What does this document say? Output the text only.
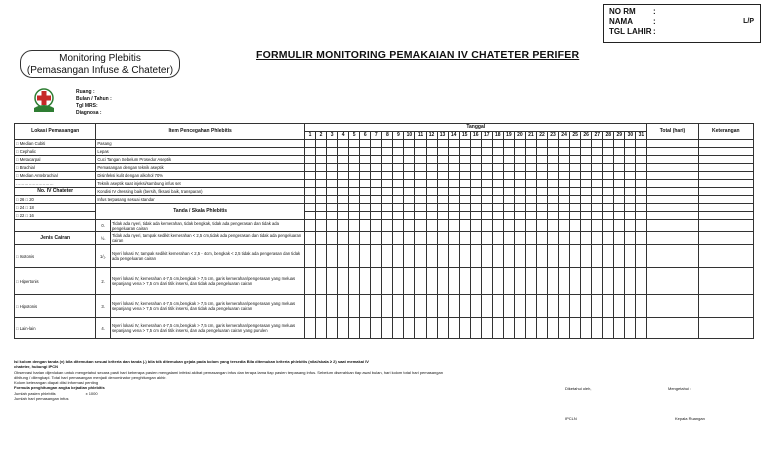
NO RM	:
NAMA	:
TGL LAHIR :
L/P
Monitoring Plebitis
(Pemasangan Infuse & Chateter)
FORMULIR MONITORING PEMAKAIAN IV CHATETER PERIFER
Ruang :
Bulan / Tahun :
Tgl MRS:
Diagnosa :
Lokasi Pemasangan	Item Pencegahan Phlebitis		Tanggal																															Total (hari)	Keterangan
			1	2	3	4	5	6	7	8	9	10	11	12	13	14	15	16	17	18	19	20	21	22	23	24	25	26	27	28	29	30	31		
□ Median Cubiti	Pasang																																		
□ Cephalic	Lepas																																		
□ Metacarpal	Cuci Tangan Sebelum Prosedur Aseptik																																		
□ Brachial	Pemasangan dengan teknik aseptik																																		
□ Median Antebrachial	Disinfeksi kulit dengan alkohol 70%																																		
………………………	Teknik aseptik saat injeksi/sambung infus set																																		
No. IV Chateter	Kondisi IV dressing baik (bersih, fiksasi baik, transparan)																																		
□ 26 □ 20	Infus terpasang sesuai standar																																		
□ 24 □ 18	Tanda / Skala Phlebitis																																		
□ 22 □ 16																																			
	0.	Tidak ada nyeri, tidak ada kemerahan, tidak bengkak, tidak ada pengerasan dan tidak ada pengeluaran cairan																																	
Jenis Cairan	½.	Tidak ada nyeri, tampak sedikit kemerahan < 2,5 cm,tidak ada pengerasan dan tidak ada pengeluaran cairan																																	
□ Isotonis	1/₂.	Nyeri lokasi IV, tampak sedikit kemerahan < 2,5 - 4cm, bengkak < 2,5 tidak ada pengerasan dan tidak ada pengeluaran cairan																																	
□ Hipertonis	2.	Nyeri lokasi IV, kemerahan 4-7,5 cm,bengkak > 7,5 cm, garis kemerahan/pengerasan yang meluas sepanjang vena > 7,5 cm dari titik insersi, dan tidak ada pengeluaran cairan																																	
□ Hipotonis	3.	Nyeri lokasi IV, kemerahan 4-7,5 cm,bengkak > 7,5 cm, garis kemerahan/pengerasan yang meluas sepanjang vena > 7,5 cm dari titik insersi, dan tidak ada pengeluaran cairan																																	
□ Lain-lain	4.	Nyeri lokasi IV, kemerahan 4-7,5 cm,bengkak > 7,5 cm, garis kemerahan/pengerasan yang meluas sepanjang vena > 7,5 cm dari titik insersi, dan ada pengeluaran cairan yang purulen																																	
Isi kolom dengan tanda (v) bila ditemukan sesuai kriteria dan tanda (-) bila tdk ditemukan gejala pada kolom yang tersedia Bila ditemukan kriteria phlebitis (nilai/skala ≥ 2) saat memakai IV
chateter, hubungi IPCN
Observasi harian dijenlukan untuk mengetahui secara pasti hari keberapa pasien mengalami infeksi akibat pemasangan infus dan terapa lama tiap pasien terpasang infus. Sebelum diserahkan tiap awal bulan, hari kolom total hari pemasangan
dihitung / dilengkapi. Total hari pemasangan menjadi denominator penghitungan akhir.
Kolom keterangan diapat diisi informasi penting
Formula penghitungan angka kejadian phlebitis
Jumlah pasien phlebitis	x 1000
Jumlah hari pemasangan infus
Diketahui oleh,	Mengetahui :
IPCLN	Kepala Ruangan
